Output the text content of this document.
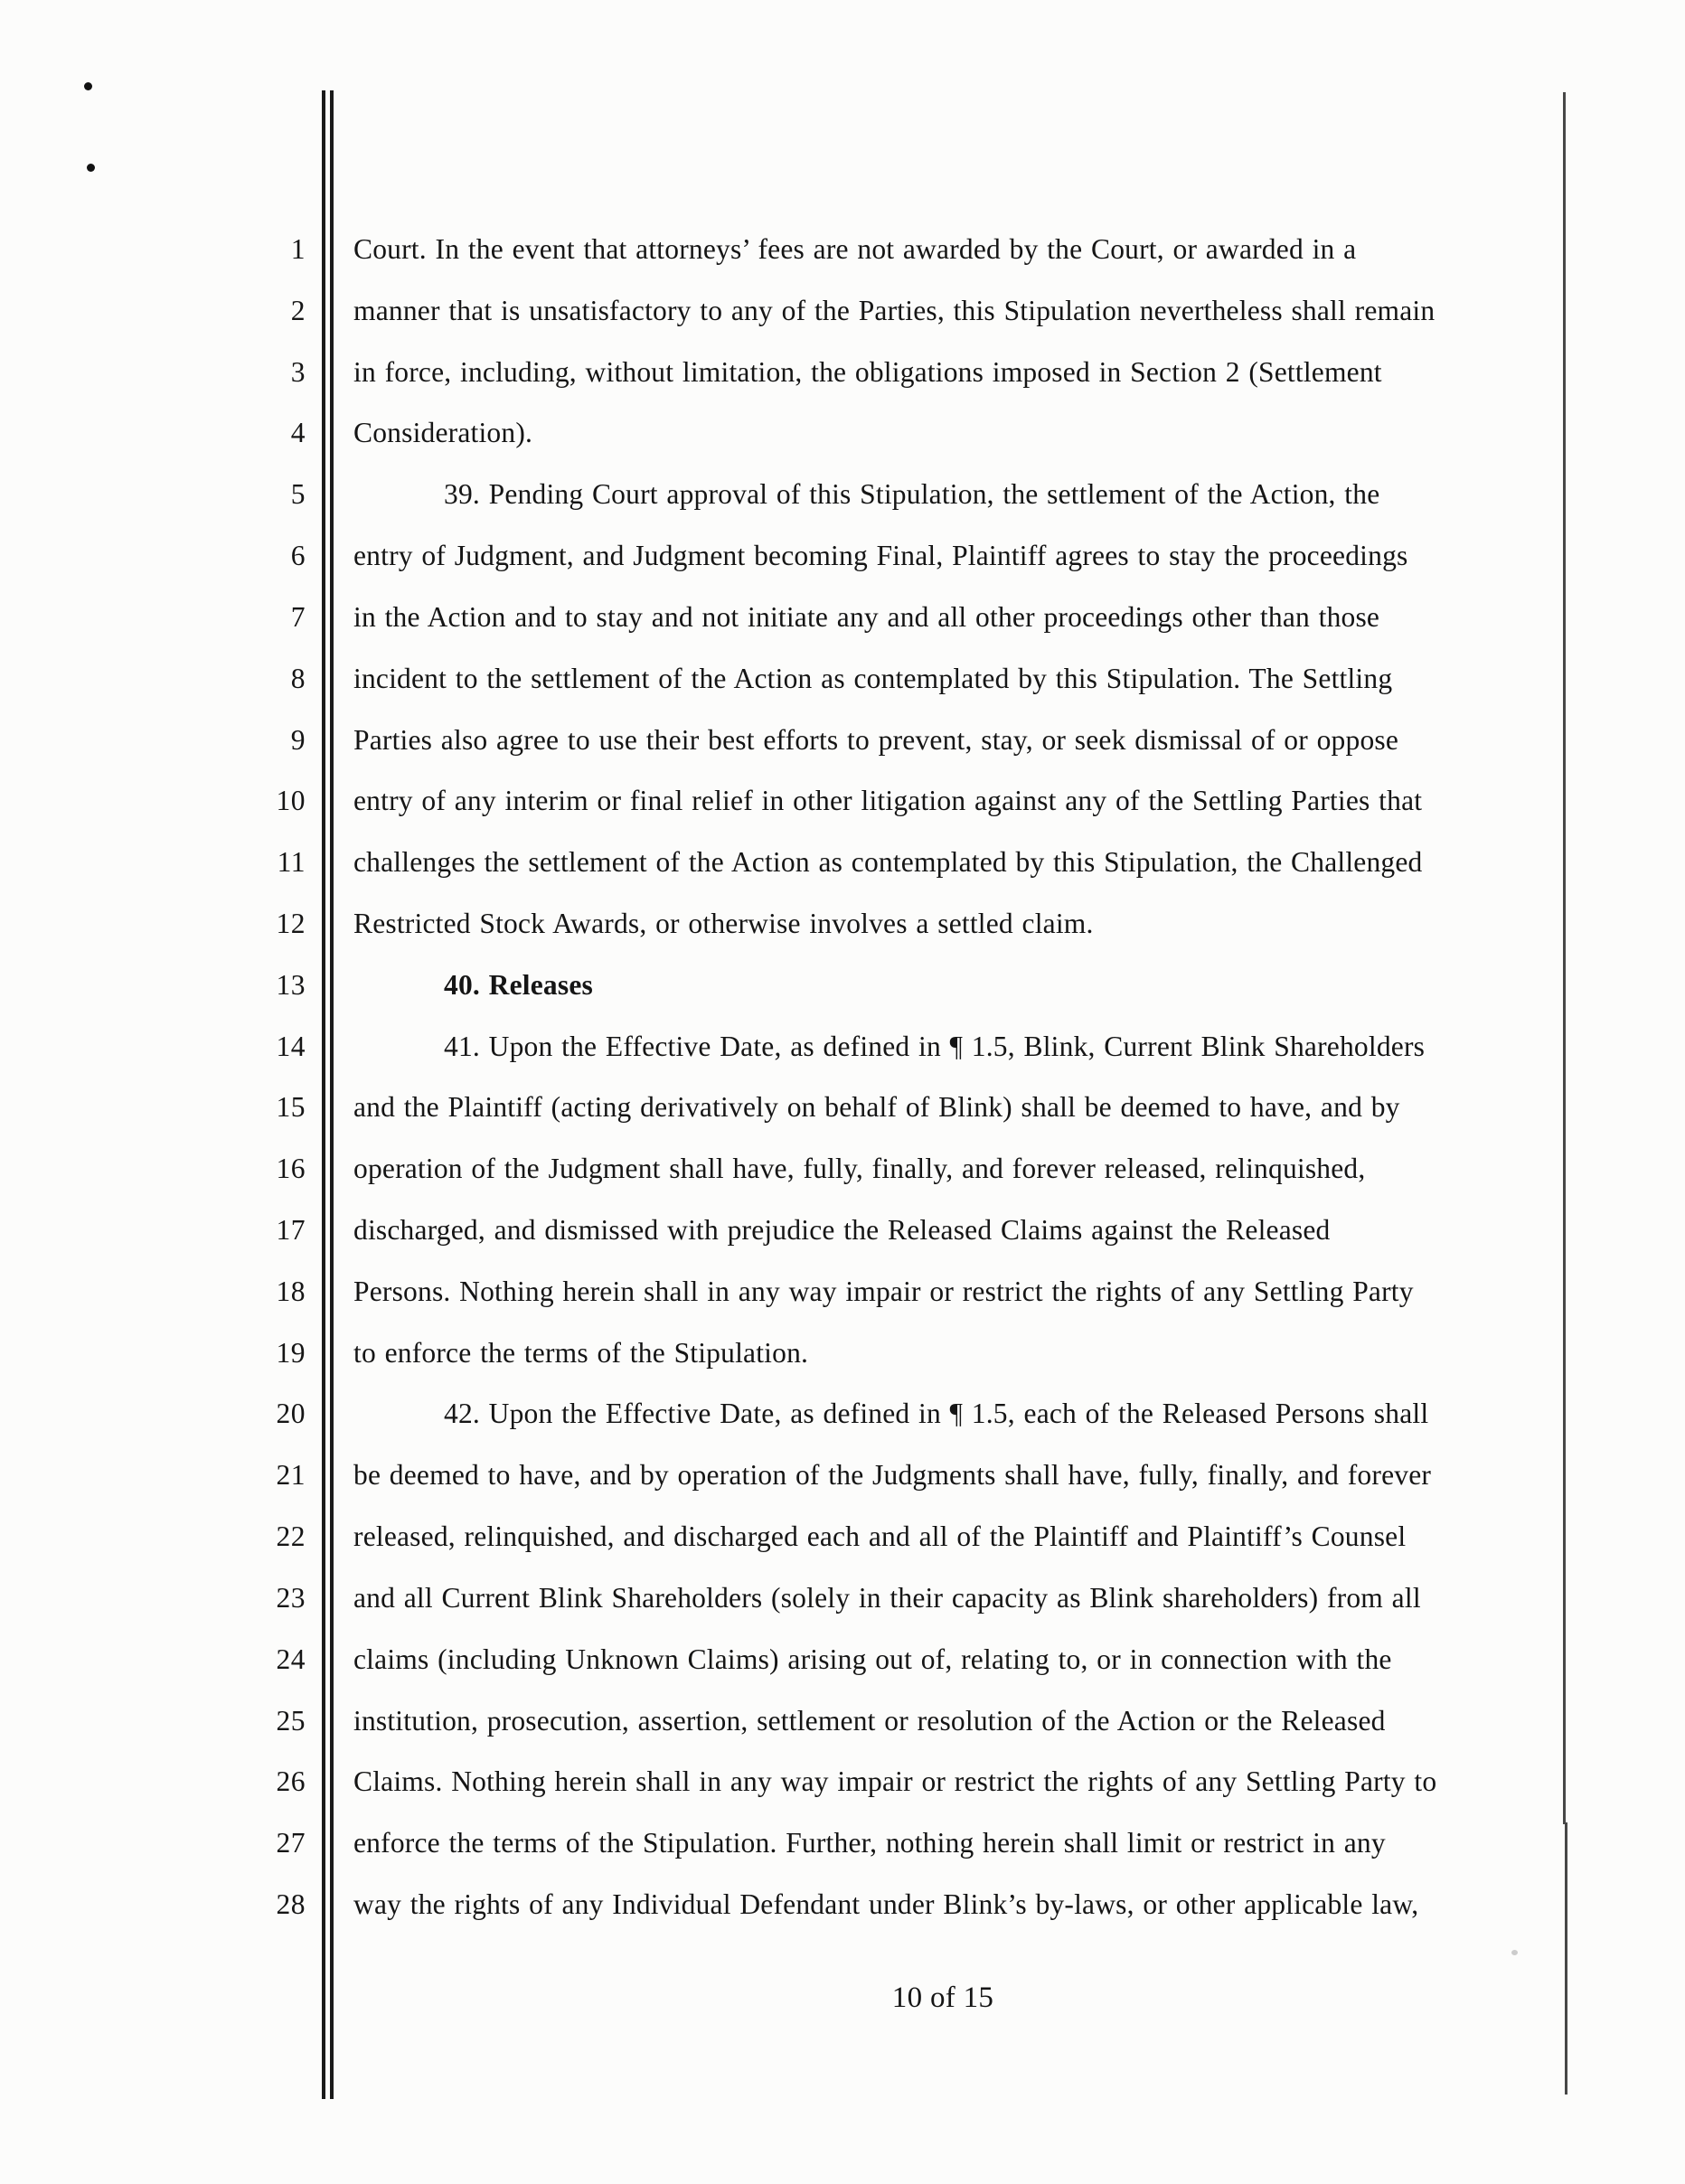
1 Court. In the event that attorneys’ fees are not awarded by the Court, or awarded in a
2 manner that is unsatisfactory to any of the Parties, this Stipulation nevertheless shall remain
3 in force, including, without limitation, the obligations imposed in Section 2 (Settlement
4 Consideration).
5	39. Pending Court approval of this Stipulation, the settlement of the Action, the
6 entry of Judgment, and Judgment becoming Final, Plaintiff agrees to stay the proceedings
7 in the Action and to stay and not initiate any and all other proceedings other than those
8 incident to the settlement of the Action as contemplated by this Stipulation. The Settling
9 Parties also agree to use their best efforts to prevent, stay, or seek dismissal of or oppose
10 entry of any interim or final relief in other litigation against any of the Settling Parties that
11 challenges the settlement of the Action as contemplated by this Stipulation, the Challenged
12 Restricted Stock Awards, or otherwise involves a settled claim.
13	40. Releases
14	41. Upon the Effective Date, as defined in ¶ 1.5, Blink, Current Blink Shareholders
15 and the Plaintiff (acting derivatively on behalf of Blink) shall be deemed to have, and by
16 operation of the Judgment shall have, fully, finally, and forever released, relinquished,
17 discharged, and dismissed with prejudice the Released Claims against the Released
18 Persons. Nothing herein shall in any way impair or restrict the rights of any Settling Party
19 to enforce the terms of the Stipulation.
20	42. Upon the Effective Date, as defined in ¶ 1.5, each of the Released Persons shall
21 be deemed to have, and by operation of the Judgments shall have, fully, finally, and forever
22 released, relinquished, and discharged each and all of the Plaintiff and Plaintiff’s Counsel
23 and all Current Blink Shareholders (solely in their capacity as Blink shareholders) from all
24 claims (including Unknown Claims) arising out of, relating to, or in connection with the
25 institution, prosecution, assertion, settlement or resolution of the Action or the Released
26 Claims. Nothing herein shall in any way impair or restrict the rights of any Settling Party to
27 enforce the terms of the Stipulation. Further, nothing herein shall limit or restrict in any
28 way the rights of any Individual Defendant under Blink’s by-laws, or other applicable law,
10 of 15
